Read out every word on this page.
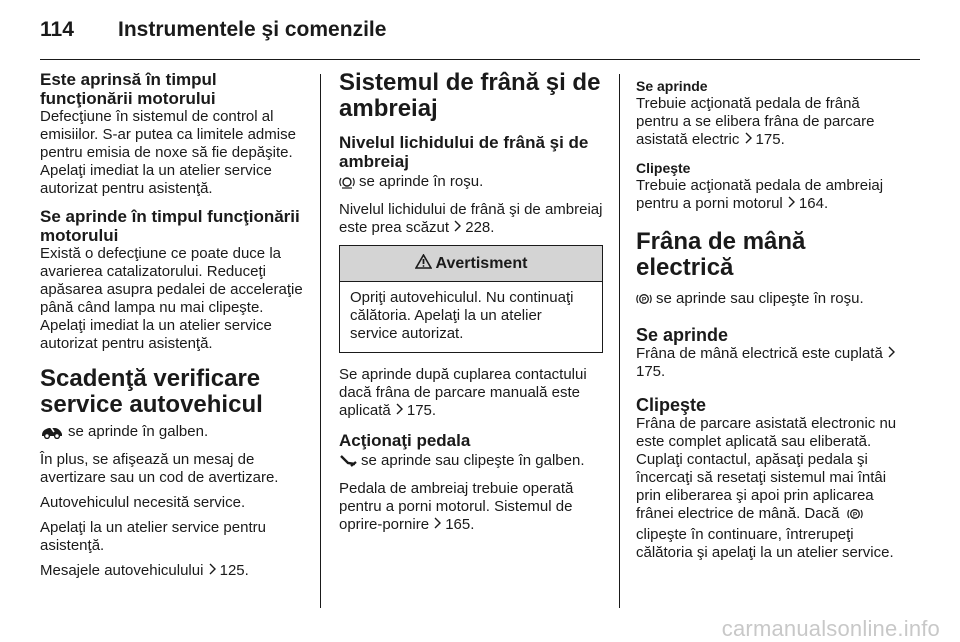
114 Instrumentele şi comenzile
Este aprinsă în timpul funcţionării motorului

Defecţiune în sistemul de control al emisiilor. S-ar putea ca limitele admise pentru emisia de noxe să fie depăşite. Apelaţi imediat la un atelier service autorizat pentru asistenţă.

Se aprinde în timpul funcţionării motorului

Există o defecţiune ce poate duce la avarierea catalizatorului. Reduceţi apăsarea asupra pedalei de acceleraţie până când lampa nu mai clipeşte. Apelaţi imediat la un atelier service autorizat pentru asistenţă.

Scadenţă verificare service autovehicul

se aprinde în galben.

În plus, se afişează un mesaj de avertizare sau un cod de avertizare.

Autovehiculul necesită service.

Apelaţi la un atelier service pentru asistenţă.

Mesajele autovehiculului 125.

Sistemul de frână şi de ambreiaj
Nivelul lichidului de frână şi de ambreiaj

se aprinde în roşu.

Nivelul lichidului de frână şi de ambreiaj este prea scăzut 228.

Avertisment

Opriţi autovehiculul. Nu continuaţi călătoria. Apelaţi la un atelier service autorizat.

Se aprinde după cuplarea contactului dacă frâna de parcare manuală este aplicată 175.

Acţionaţi pedala

se aprinde sau clipeşte în galben.

Pedala de ambreiaj trebuie operată pentru a porni motorul. Sistemul de oprire-pornire 165.

Se aprinde

Trebuie acţionată pedala de frână pentru a se elibera frâna de parcare asistată electric 175.

Clipeşte

Trebuie acţionată pedala de ambreiaj pentru a porni motorul 164.

Frâna de mână electrică

P se aprinde sau clipeşte în roşu.

Se aprinde

Frâna de mână electrică este cuplată 175.

Clipeşte

Frâna de parcare asistată electronic nu este complet aplicată sau eliberată. Cuplaţi contactul, apăsaţi pedala şi încercaţi să resetaţi sistemul mai întâi prin eliberarea şi apoi prin aplicarea frânei electrice de mână. Dacă P
clipeşte în continuare, întrerupeţi călătoria şi apelaţi la un atelier service.

carmanualsonline.info
